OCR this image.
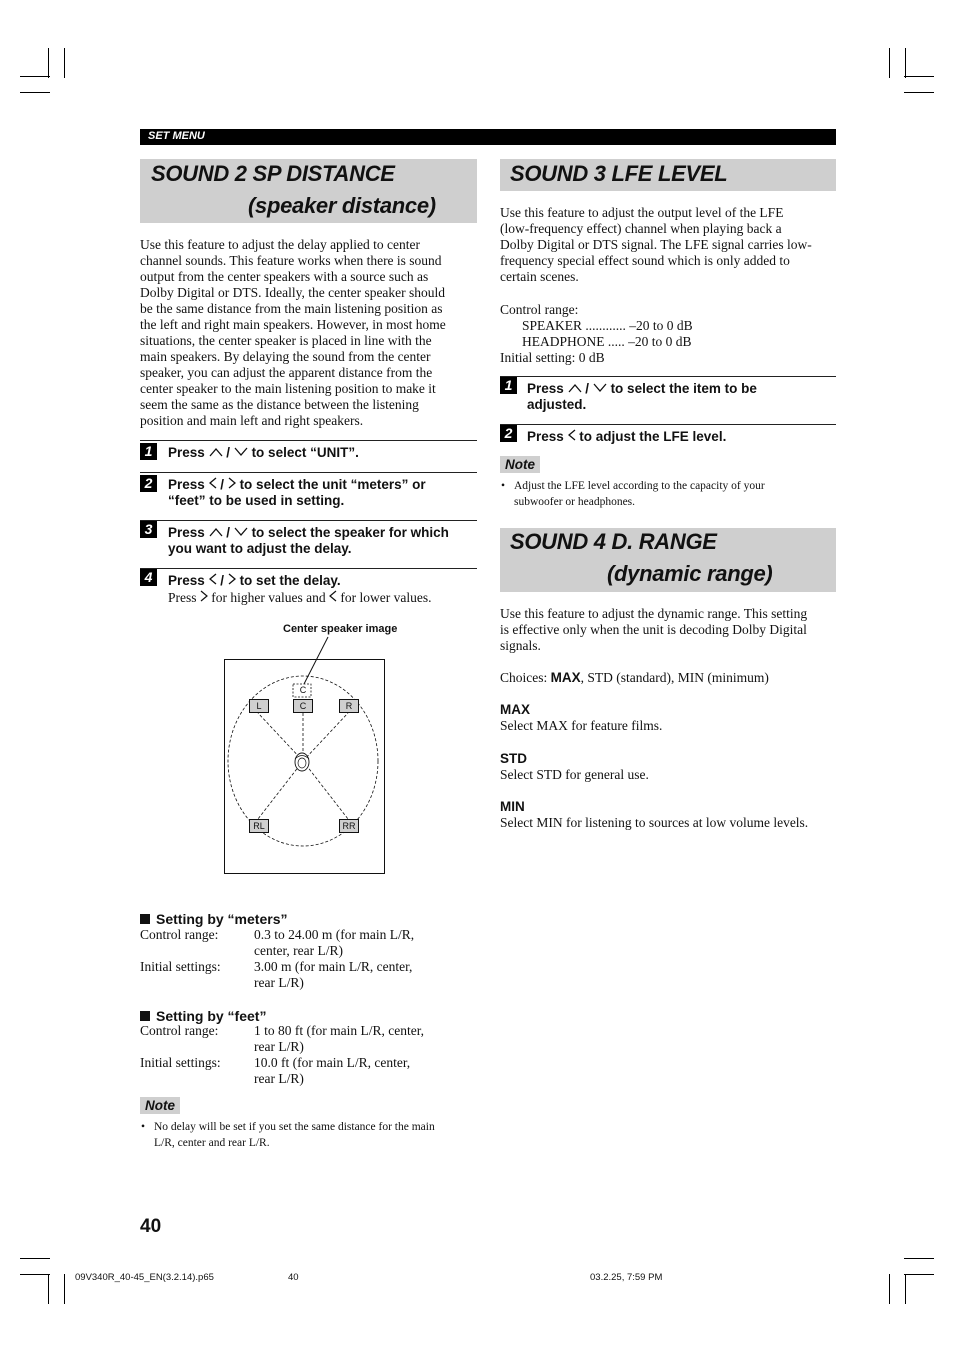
SET MENU
SOUND 2 SP DISTANCE
(speaker distance)
Use this feature to adjust the delay applied to center
channel sounds. This feature works when there is sound
output from the center speakers with a source such as
Dolby Digital or DTS. Ideally, the center speaker should
be the same distance from the main listening position as
the left and right main speakers. However, in most home
situations, the center speaker is placed in line with the
main speakers. By delaying the sound from the center
speaker, you can adjust the apparent distance from the
center speaker to the main listening position to make it
seem the same as the distance between the listening
position and main left and right speakers.
1	Press  /  to select “UNIT”.
2	Press  /  to select the unit “meters” or
“feet” to be used in setting.
3	Press  /  to select the speaker for which
you want to adjust the delay.
4	Press  /  to set the delay.
Press  for higher values and  for lower values.
Center speaker image
C
L	C	R
RL	RR
Setting by “meters”
Control range:	0.3 to 24.00 m (for main L/R,
center, rear L/R)
Initial settings: 3.00 m (for main L/R, center,
rear L/R)
Setting by “feet”
Control range:	1 to 80 ft (for main L/R, center,
rear L/R)
Initial settings: 10.0 ft (for main L/R, center,
rear L/R)
Note
• No delay will be set if you set the same distance for the main
L/R, center and rear L/R.
SOUND 3 LFE LEVEL
Use this feature to adjust the output level of the LFE
(low-frequency effect) channel when playing back a
Dolby Digital or DTS signal. The LFE signal carries low-
frequency special effect sound which is only added to
certain scenes.
Control range:
SPEAKER ............ –20 to 0 dB
HEADPHONE ..... –20 to 0 dB
Initial setting: 0 dB
1	Press  /  to select the item to be
adjusted.
2	Press  to adjust the LFE level.
Note
• Adjust the LFE level according to the capacity of your
subwoofer or headphones.
SOUND 4 D. RANGE
(dynamic range)
Use this feature to adjust the dynamic range. This setting
is effective only when the unit is decoding Dolby Digital
signals.
Choices: MAX, STD (standard), MIN (minimum)
MAX
Select MAX for feature films.
STD
Select STD for general use.
MIN
Select MIN for listening to sources at low volume levels.
40
09V340R_40-45_EN(3.2.14).p65	40	03.2.25, 7:59 PM
